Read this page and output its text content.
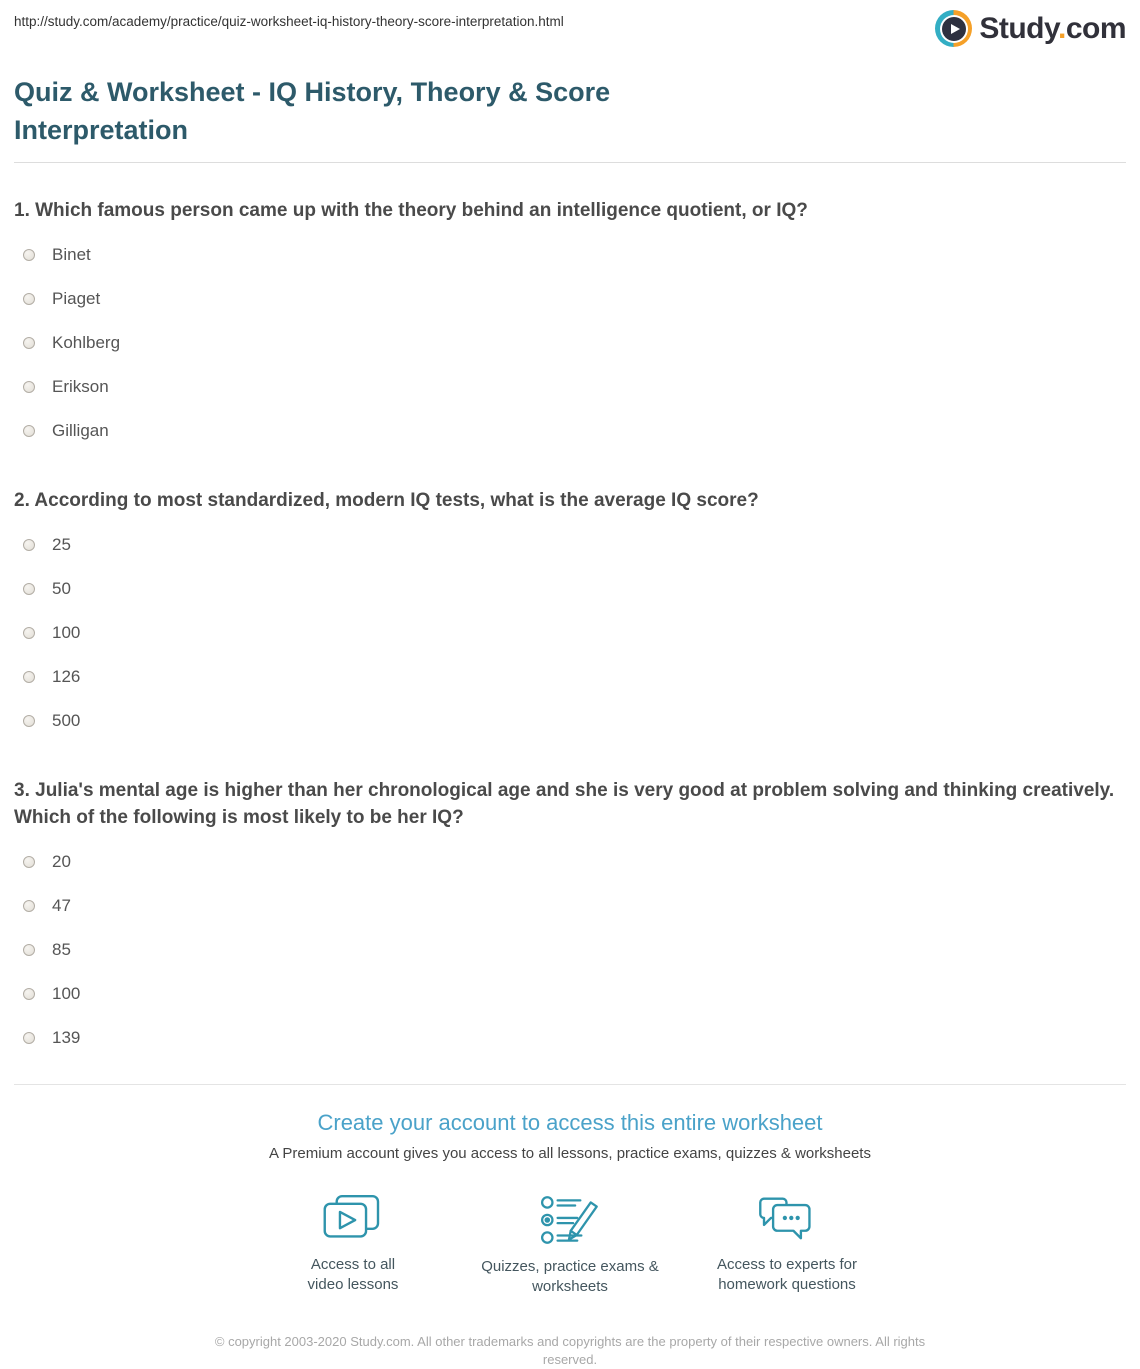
http://study.com/academy/practice/quiz-worksheet-iq-history-theory-score-interpretation.html	Study.com
Quiz & Worksheet - IQ History, Theory & Score Interpretation
1. Which famous person came up with the theory behind an intelligence quotient, or IQ?
Binet
Piaget
Kohlberg
Erikson
Gilligan
2. According to most standardized, modern IQ tests, what is the average IQ score?
25
50
100
126
500
3. Julia's mental age is higher than her chronological age and she is very good at problem solving and thinking creatively. Which of the following is most likely to be her IQ?
20
47
85
100
139
Create your account to access this entire worksheet
A Premium account gives you access to all lessons, practice exams, quizzes & worksheets
Access to all video lessons
Quizzes, practice exams & worksheets
Access to experts for homework questions
© copyright 2003-2020 Study.com. All other trademarks and copyrights are the property of their respective owners. All rights reserved.
